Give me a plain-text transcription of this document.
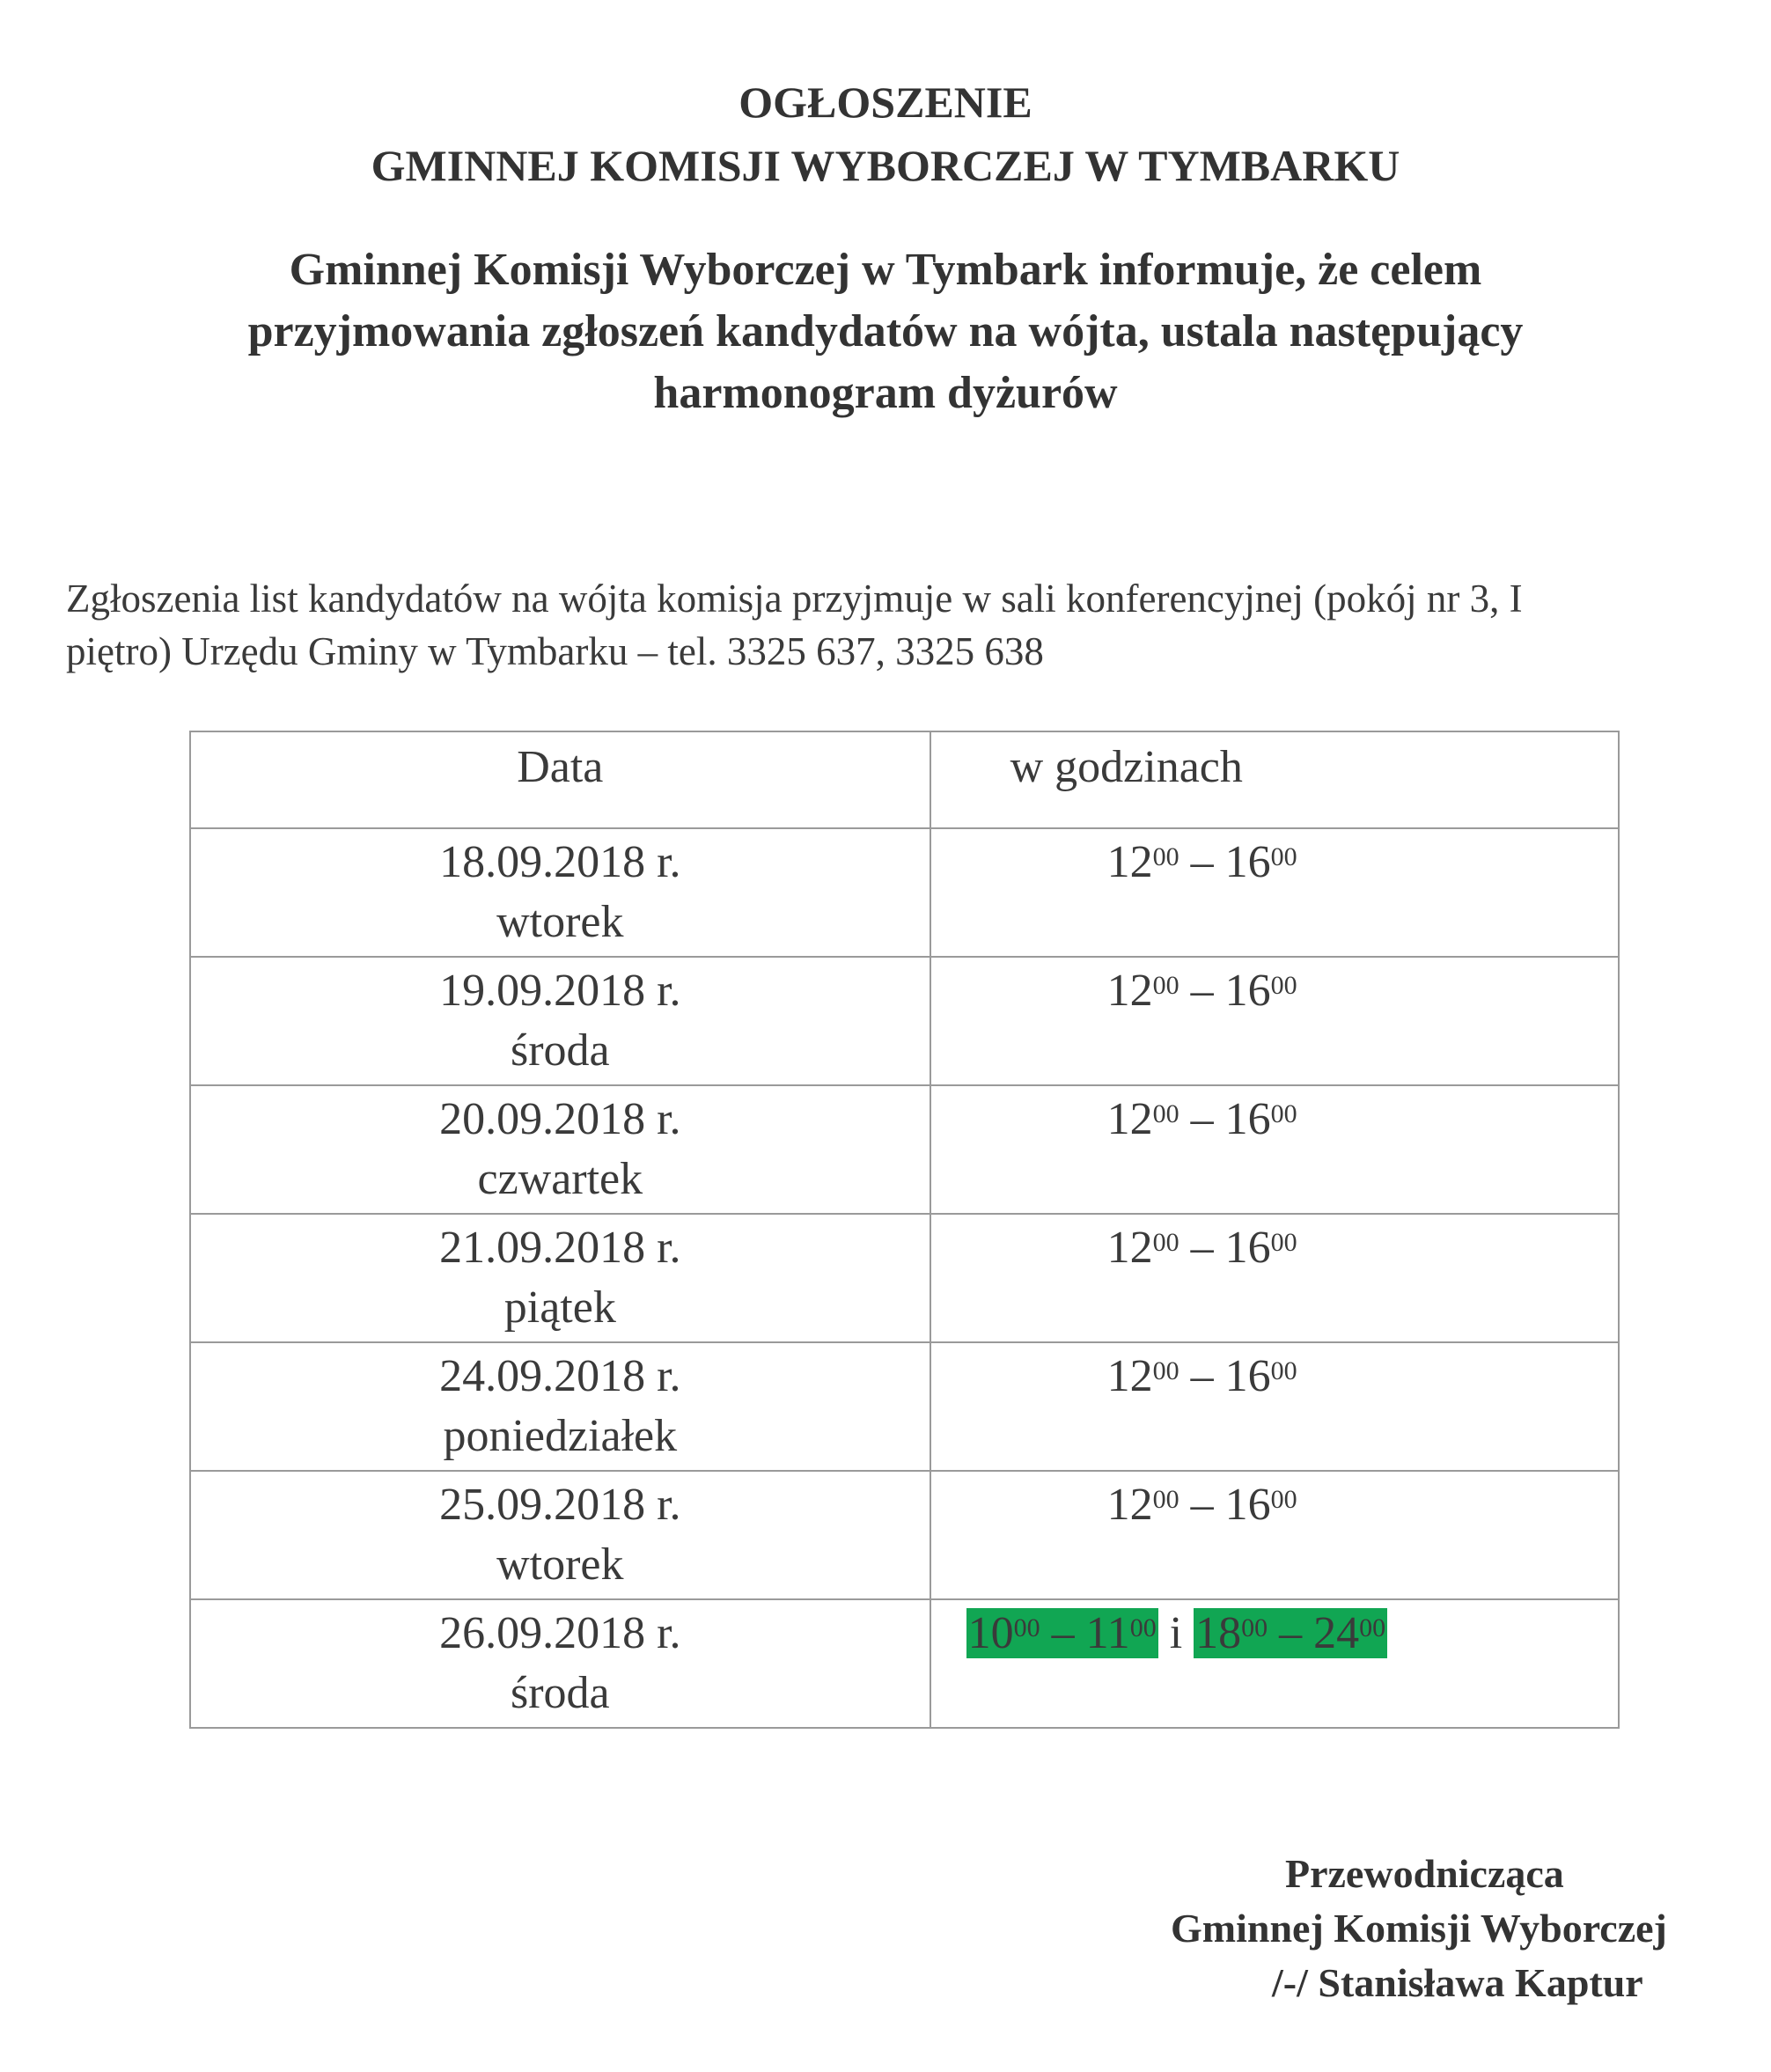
OGŁOSZENIE
GMINNEJ KOMISJI WYBORCZEJ W TYMBARKU
Gminnej Komisji Wyborczej w Tymbark informuje, że celem
przyjmowania zgłoszeń kandydatów na wójta, ustala następujący
harmonogram dyżurów
Zgłoszenia list kandydatów na wójta komisja przyjmuje w sali konferencyjnej (pokój nr 3, I
piętro) Urzędu Gminy w Tymbarku – tel. 3325 637, 3325 638
Data	w godzinach

18.09.2018 r.
wtorek	$12^{00} - 16^{00}$

19.09.2018 r.
środa	$12^{00} - 16^{00}$

20.09.2018 r.
czwartek	$12^{00} - 16^{00}$

21.09.2018 r.
piątek	$12^{00} - 16^{00}$

24.09.2018 r.
poniedziałek	$12^{00} - 16^{00}$

25.09.2018 r.
wtorek	$12^{00} - 16^{00}$

26.09.2018 r.
środa	$10^{00} - 11^{00}$ i $18^{00} - 24^{00}$
Przewodnicząca
Gminnej Komisji Wyborczej
/-/ Stanisława Kaptur
